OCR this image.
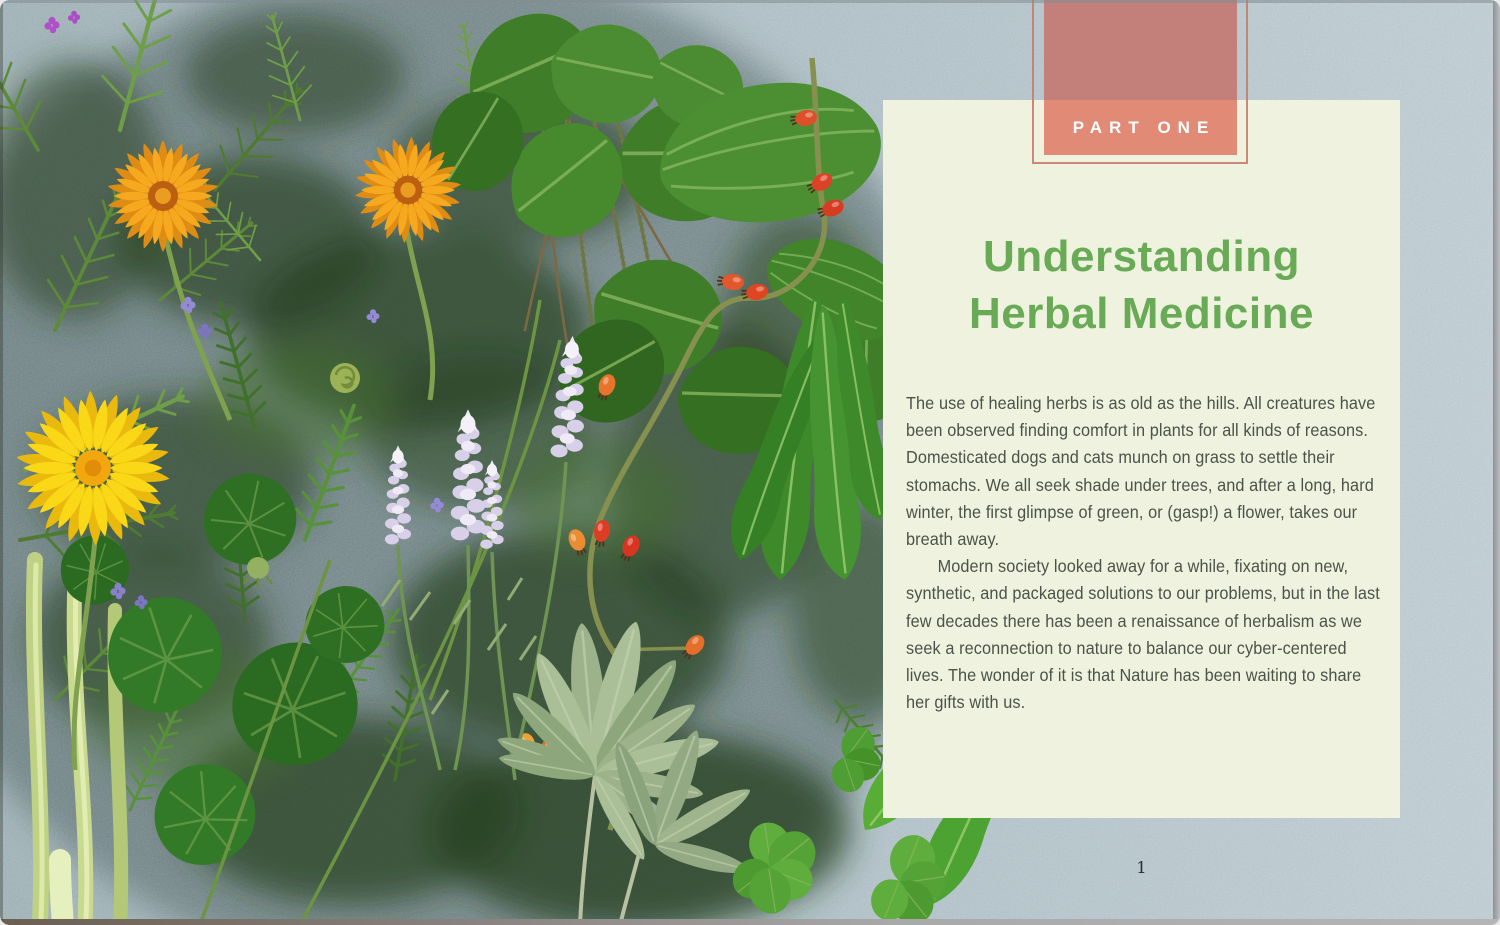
PART ONE
Understanding
Herbal Medicine

The use of healing herbs is as old as the hills. All creatures have been observed finding comfort in plants for all kinds of reasons. Domesticated dogs and cats munch on grass to settle their stomachs. We all seek shade under trees, and after a long, hard winter, the first glimpse of green, or (gasp!) a flower, takes our breath away.

Modern society looked away for a while, fixating on new, synthetic, and packaged solutions to our problems, but in the last few decades there has been a renaissance of herbalism as we seek a reconnection to nature to balance our cyber-centered lives. The wonder of it is that Nature has been waiting to share her gifts with us.

1
